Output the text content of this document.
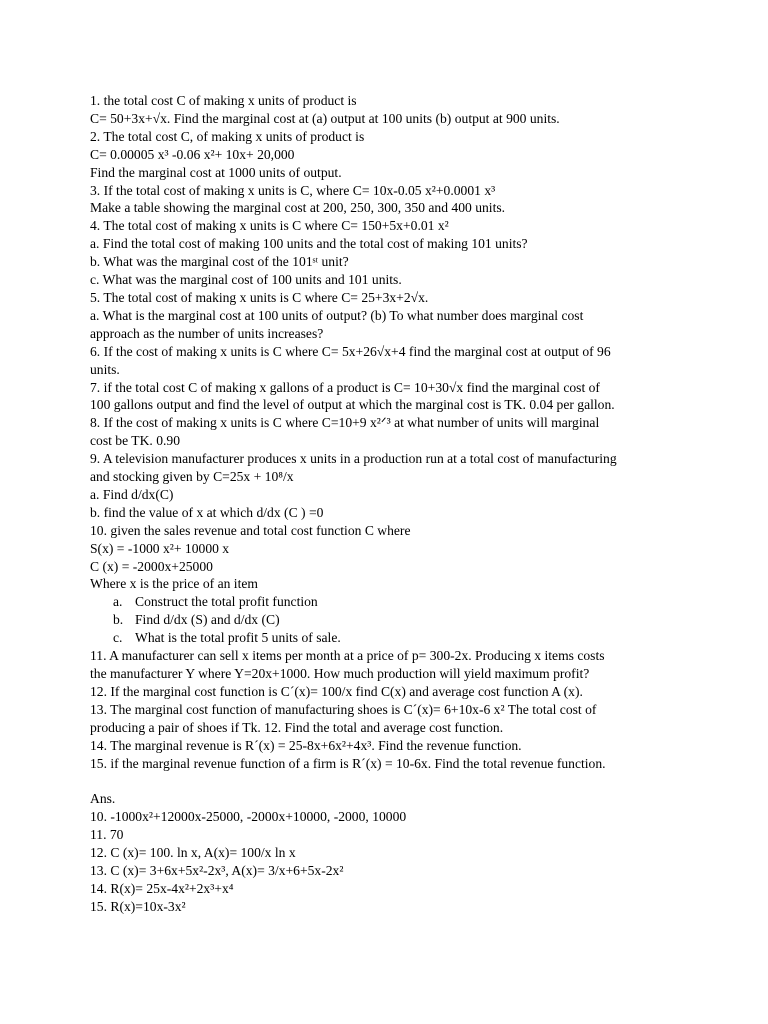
1. the total cost C of making x units of product is
C= 50+3x+√x. Find the marginal cost at (a) output at 100 units (b) output at 900 units.
2. The total cost C, of making x units of product is
C= 0.00005 x³ -0.06 x²+ 10x+ 20,000
Find the marginal cost at 1000 units of output.
3. If the total cost of making x units is C, where C= 10x-0.05 x²+0.0001 x³
Make a table showing the marginal cost at 200, 250, 300, 350 and 400 units.
4. The total cost of making x units is C where C= 150+5x+0.01 x²
a. Find the total cost of making 100 units and the total cost of making 101 units?
b. What was the marginal cost of the 101ˢᵗ unit?
c. What was the marginal cost of 100 units and 101 units.
5. The total cost of making x units is C where C= 25+3x+2√x.
a. What is the marginal cost at 100 units of output? (b) To what number does marginal cost
approach as the number of units increases?
6. If the cost of making x units is C where C= 5x+26√x+4 find the marginal cost at output of 96
units.
7. if the total cost C of making x gallons of a product is C= 10+30√x find the marginal cost of
100 gallons output and find the level of output at which the marginal cost is TK. 0.04 per gallon.
8. If the cost of making x units is C where C=10+9 x²ᐟ³ at what number of units will marginal
cost be TK. 0.90
9. A television manufacturer produces x units in a production run at a total cost of manufacturing
and stocking given by C=25x + 10⁸/x
a. Find d/dx(C)
b. find the value of x at which d/dx (C ) =0
10. given the sales revenue and total cost function C where
S(x) = -1000 x²+ 10000 x
C (x) = -2000x+25000
Where x is the price of an item
a. Construct the total profit function
b. Find d/dx (S) and d/dx (C)
c. What is the total profit 5 units of sale.
11. A manufacturer can sell x items per month at a price of p= 300-2x. Producing x items costs
the manufacturer Y where Y=20x+1000. How much production will yield maximum profit?
12. If the marginal cost function is C´(x)= 100/x find C(x) and average cost function A (x).
13. The marginal cost function of manufacturing shoes is C´(x)= 6+10x-6 x² The total cost of
producing a pair of shoes if Tk. 12. Find the total and average cost function.
14. The marginal revenue is R´(x) = 25-8x+6x²+4x³. Find the revenue function.
15. if the marginal revenue function of a firm is R´(x) = 10-6x. Find the total revenue function.
Ans.
10. -1000x²+12000x-25000, -2000x+10000, -2000, 10000
11. 70
12. C (x)= 100. ln x, A(x)= 100/x ln x
13. C (x)= 3+6x+5x²-2x³, A(x)= 3/x+6+5x-2x²
14. R(x)= 25x-4x²+2x³+x⁴
15. R(x)=10x-3x²
